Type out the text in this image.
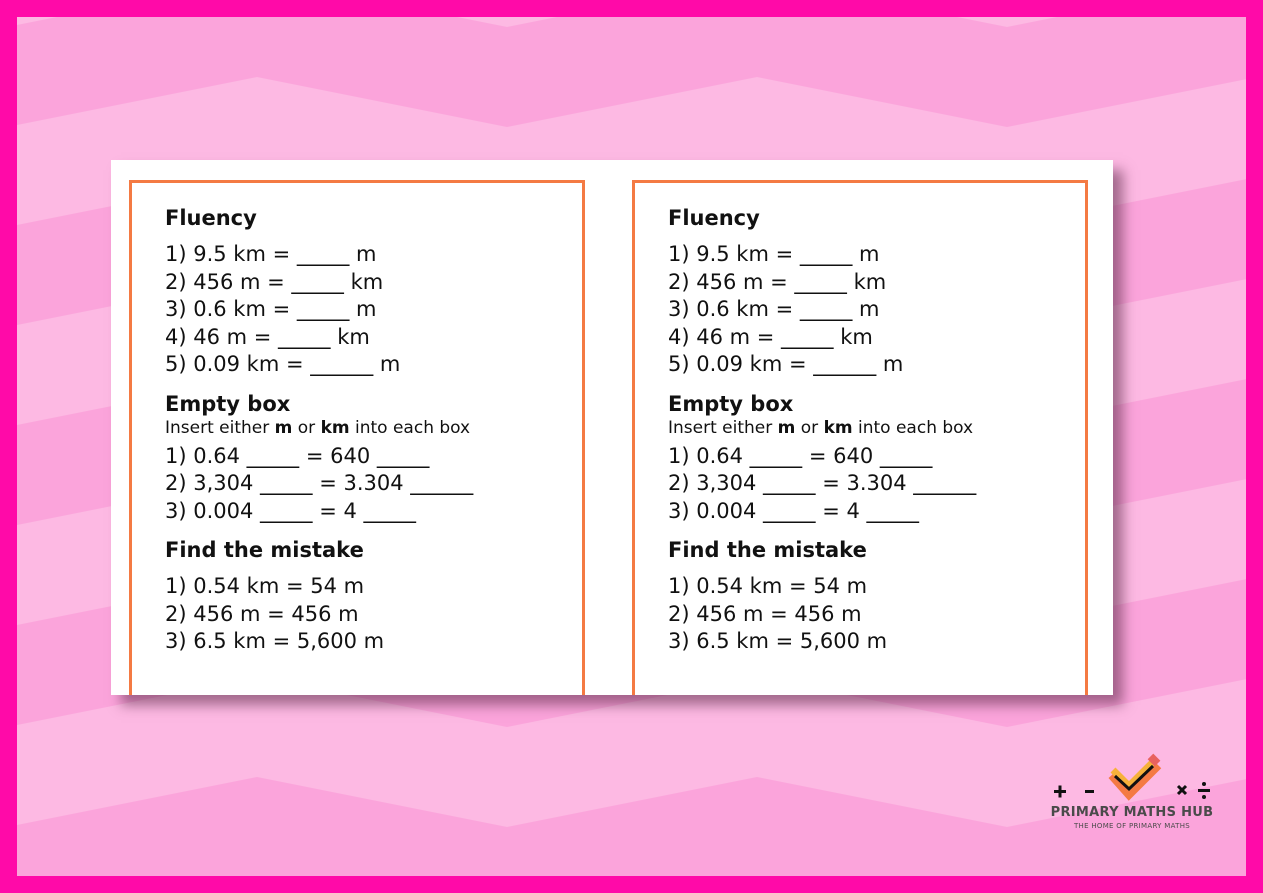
Fluency
1) 9.5 km = _____ m
2) 456 m = _____ km
3) 0.6 km = _____ m
4) 46 m = _____ km
5) 0.09 km = ______ m
Empty box
Insert either m or km into each box
1) 0.64 _____ = 640 _____
2) 3,304 _____ = 3.304 ______
3) 0.004 _____ = 4 _____
Find the mistake
1) 0.54 km = 54 m
2) 456 m = 456 m
3) 6.5 km = 5,600 m
Fluency
1) 9.5 km = _____ m
2) 456 m = _____ km
3) 0.6 km = _____ m
4) 46 m = _____ km
5) 0.09 km = ______ m
Empty box
Insert either m or km into each box
1) 0.64 _____ = 640 _____
2) 3,304 _____ = 3.304 ______
3) 0.004 _____ = 4 _____
Find the mistake
1) 0.54 km = 54 m
2) 456 m = 456 m
3) 6.5 km = 5,600 m
PRIMARY MATHS HUB
THE HOME OF PRIMARY MATHS
